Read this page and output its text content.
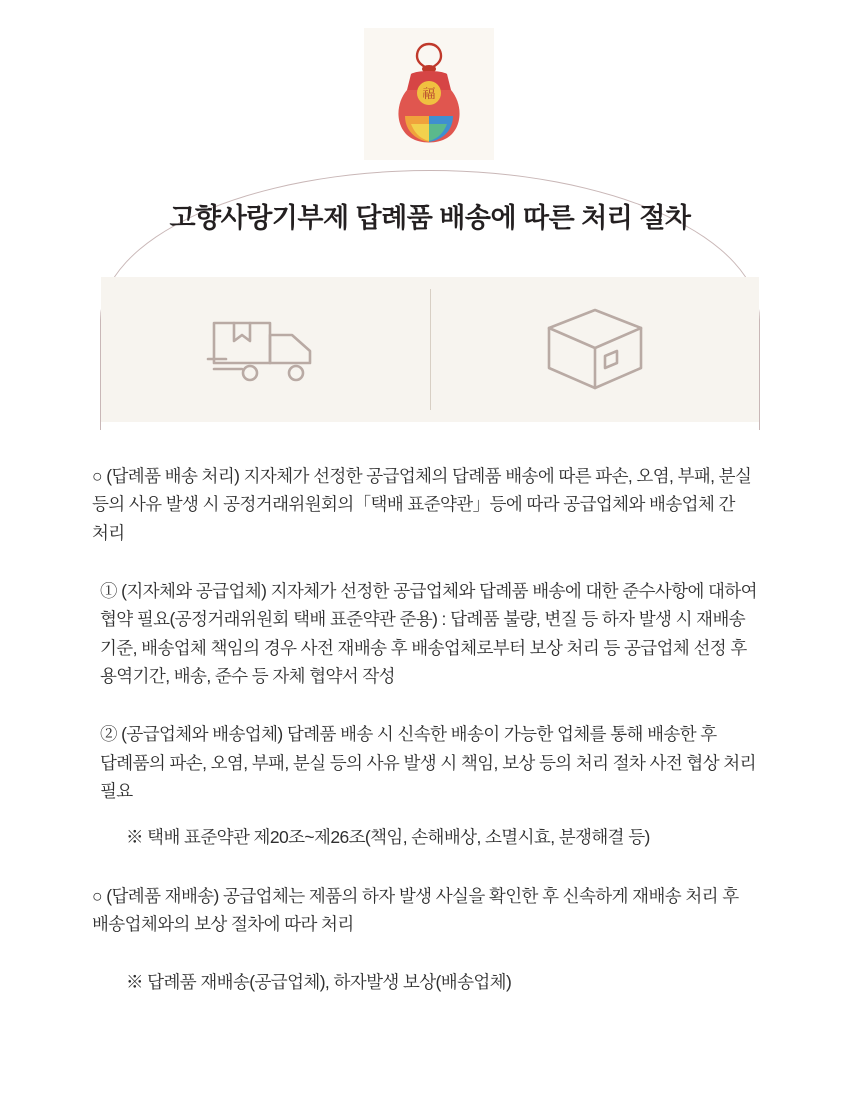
福
고향사랑기부제 답례품 배송에 따른 처리 절차

○ (답례품 배송 처리) 지자체가 선정한 공급업체의 답례품 배송에 따른 파손, 오염, 부패, 분실 등의 사유 발생 시 공정거래위원회의「택배 표준약관」등에 따라 공급업체와 배송업체 간 처리

① (지자체와 공급업체) 지자체가 선정한 공급업체와 답례품 배송에 대한 준수사항에 대하여 협약 필요(공정거래위원회 택배 표준약관 준용) : 답례품 불량, 변질 등 하자 발생 시 재배송 기준, 배송업체 책임의 경우 사전 재배송 후 배송업체로부터 보상 처리 등 공급업체 선정 후 용역기간, 배송, 준수 등 자체 협약서 작성

② (공급업체와 배송업체) 답례품 배송 시 신속한 배송이 가능한 업체를 통해 배송한 후 답례품의 파손, 오염, 부패, 분실 등의 사유 발생 시 책임, 보상 등의 처리 절차 사전 협상 처리 필요

※ 택배 표준약관 제20조~제26조(책임, 손해배상, 소멸시효, 분쟁해결 등)

○ (답례품 재배송) 공급업체는 제품의 하자 발생 사실을 확인한 후 신속하게 재배송 처리 후 배송업체와의 보상 절차에 따라 처리

※ 답례품 재배송(공급업체), 하자발생 보상(배송업체)
